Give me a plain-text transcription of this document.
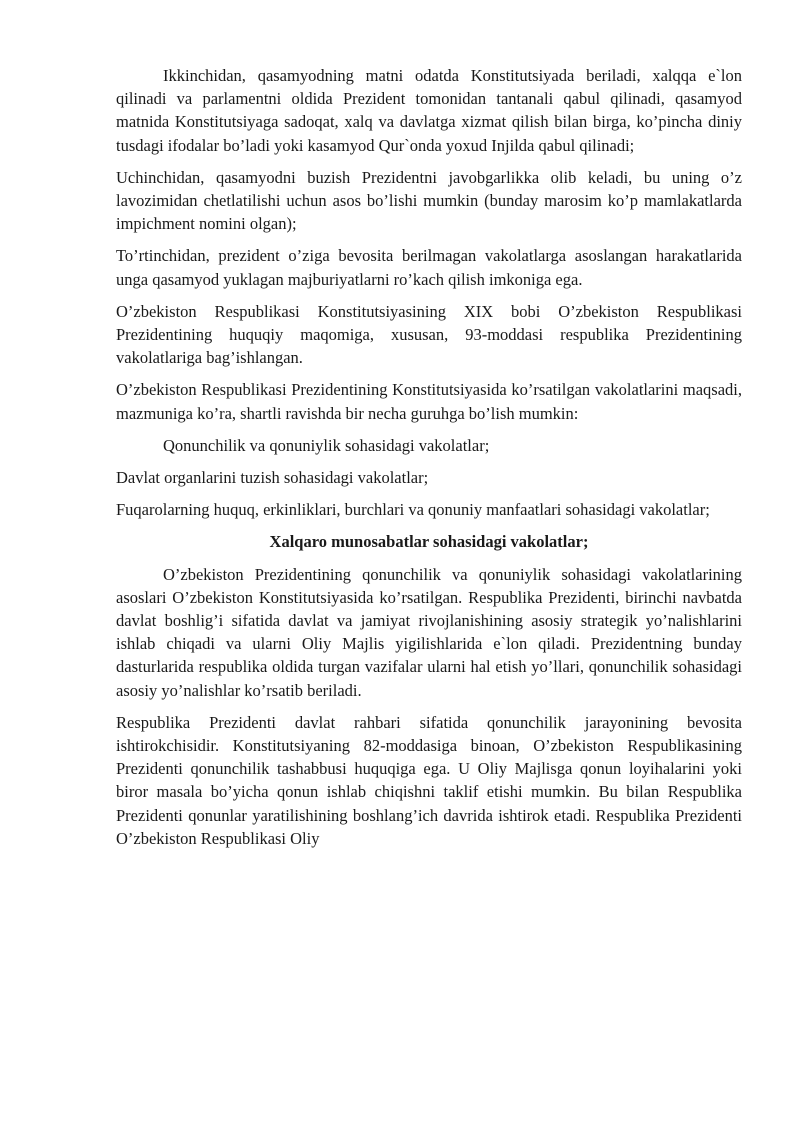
Ikkinchidan, qasamyodning matni odatda Konstitutsiyada beriladi, xalqqa e`lon qilinadi va parlamentni oldida Prezident tomonidan tantanali qabul qilinadi, qasamyod matnida Konstitutsiyaga sadoqat, xalq va davlatga xizmat qilish bilan birga, ko’pincha diniy tusdagi ifodalar bo’ladi yoki kasamyod Qur`onda yoxud Injilda qabul qilinadi;

Uchinchidan, qasamyodni buzish Prezidentni javobgarlikka olib keladi, bu uning o’z lavozimidan chetlatilishi uchun asos bo’lishi mumkin (bunday marosim ko’p mamlakatlarda impichment nomini olgan);

To’rtinchidan, prezident o’ziga bevosita berilmagan vakolatlarga asoslangan harakatlarida unga qasamyod yuklagan majburiyatlarni ro’kach qilish imkoniga ega.

O’zbekiston Respublikasi Konstitutsiyasining XIX bobi O’zbekiston Respublikasi Prezidentining huquqiy maqomiga, xususan, 93-moddasi respublika Prezidentining vakolatlariga bag’ishlangan.

O’zbekiston Respublikasi Prezidentining Konstitutsiyasida ko’rsatilgan vakolatlarini maqsadi, mazmuniga ko’ra, shartli ravishda bir necha guruhga bo’lish mumkin:

Qonunchilik va qonuniylik sohasidagi vakolatlar;

Davlat organlarini tuzish sohasidagi vakolatlar;

Fuqarolarning huquq, erkinliklari, burchlari va qonuniy manfaatlari sohasidagi vakolatlar;

Xalqaro munosabatlar sohasidagi vakolatlar;

O’zbekiston Prezidentining qonunchilik va qonuniylik sohasidagi vakolatlarining asoslari O’zbekiston Konstitutsiyasida ko’rsatilgan. Respublika Prezidenti, birinchi navbatda davlat boshlig’i sifatida davlat va jamiyat rivojlanishining asosiy strategik yo’nalishlarini ishlab chiqadi va ularni Oliy Majlis yigilishlarida e`lon qiladi. Prezidentning bunday dasturlarida respublika oldida turgan vazifalar ularni hal etish yo’llari, qonunchilik sohasidagi asosiy yo’nalishlar ko’rsatib beriladi.

Respublika Prezidenti davlat rahbari sifatida qonunchilik jarayonining bevosita ishtirokchisidir. Konstitutsiyaning 82-moddasiga binoan, O’zbekiston Respublikasining Prezidenti qonunchilik tashabbusi huquqiga ega. U Oliy Majlisga qonun loyihalarini yoki biror masala bo’yicha qonun ishlab chiqishni taklif etishi mumkin. Bu bilan Respublika Prezidenti qonunlar yaratilishining boshlang’ich davrida ishtirok etadi. Respublika Prezidenti O’zbekiston Respublikasi Oliy
